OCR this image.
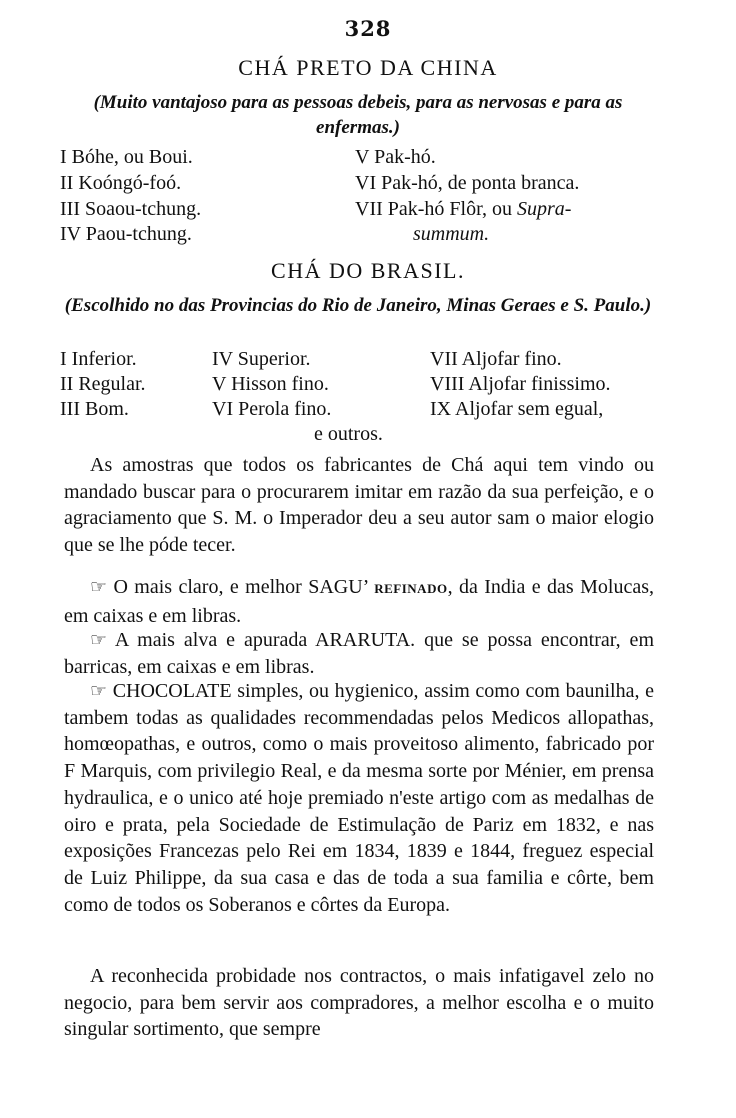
328
CHÁ PRETO DA CHINA
(Muito vantajoso para as pessoas debeis, para as nervosas e para as enfermas.)
I Bóhe, ou Boui.
II Koóngó-foó.
III Soaou-tchung.
IV Paou-tchung.
V Pak-hó.
VI Pak-hó, de ponta branca.
VII Pak-hó Flôr, ou Supra-
summum.
CHÁ DO BRASIL.
(Escolhido no das Provincias do Rio de Janeiro, Minas Geraes e S. Paulo.)
I Inferior.
II Regular.
III Bom.
IV Superior.
V Hisson fino.
VI Perola fino.
VII Aljofar fino.
VIII Aljofar finissimo.
IX Aljofar sem egual,
e outros.

As amostras que todos os fabricantes de Chá aqui tem vindo ou mandado buscar para o procurarem imitar em razão da sua perfeição, e o agraciamento que S. M. o Imperador deu a seu autor sam o maior elogio que se lhe póde tecer.

☞ O mais claro, e melhor SAGU’ REFINADO, da India e das Molucas, em caixas e em libras.

☞ A mais alva e apurada ARARUTA. que se possa encontrar, em barricas, em caixas e em libras.

☞ CHOCOLATE simples, ou hygienico, assim como com baunilha, e tambem todas as qualidades recommendadas pelos Medicos allopathas, homœopathas, e outros, como o mais proveitoso alimento, fabricado por F Marquis, com privilegio Real, e da mesma sorte por Ménier, em prensa hydraulica, e o unico até hoje premiado n'este artigo com as medalhas de oiro e prata, pela Sociedade de Estimulação de Pariz em 1832, e nas exposições Francezas pelo Rei em 1834, 1839 e 1844, freguez especial de Luiz Philippe, da sua casa e das de toda a sua familia e côrte, bem como de todos os Soberanos e côrtes da Europa.

A reconhecida probidade nos contractos, o mais infatigavel zelo no negocio, para bem servir aos compradores, a melhor escolha e o muito singular sortimento, que sempre
